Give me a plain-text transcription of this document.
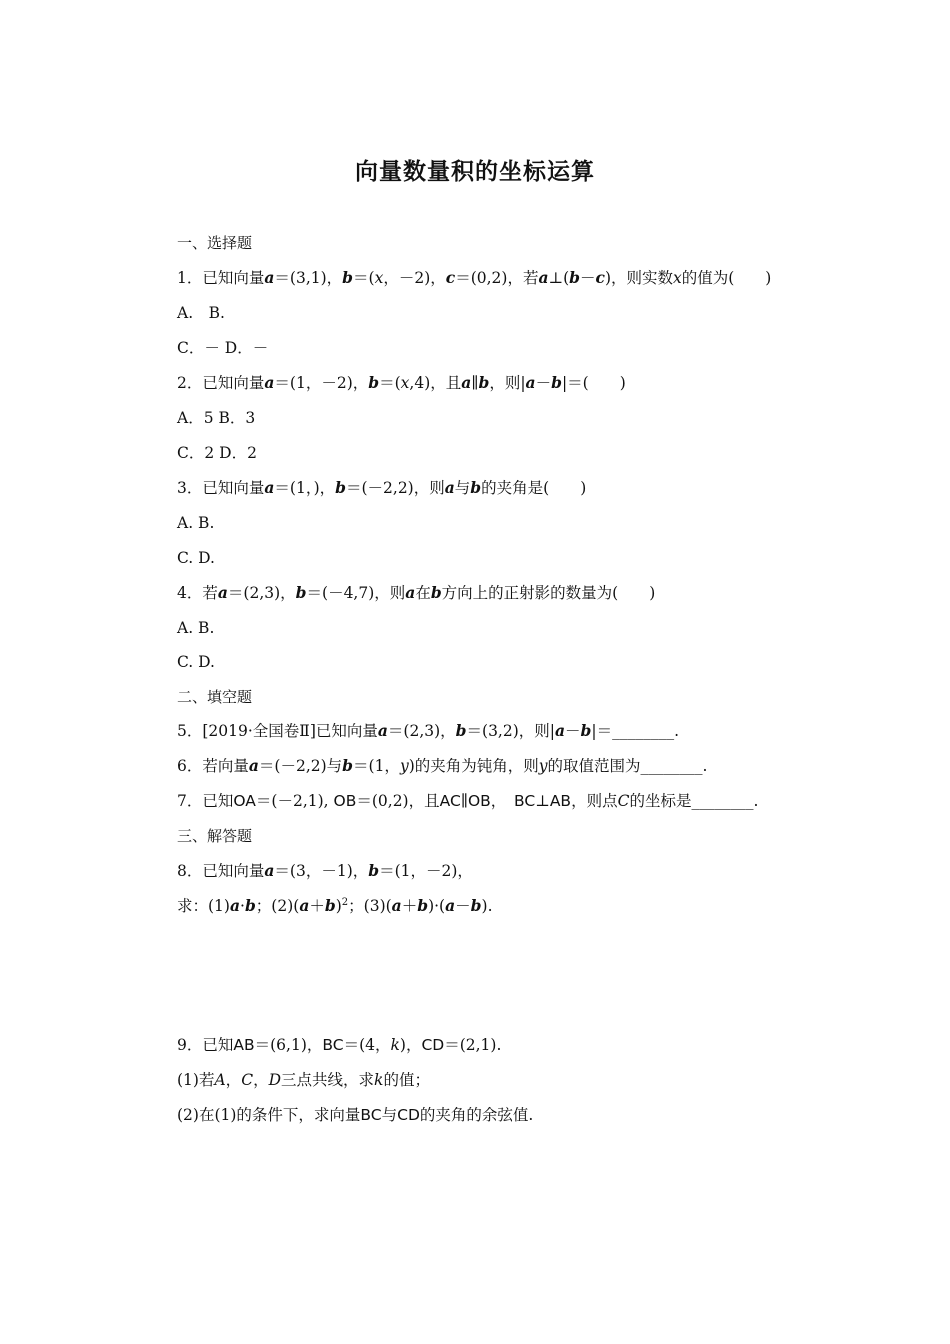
向量数量积的坐标运算
一、选择题
1．已知向量a＝(3,1)，b＝(x，－2)，c＝(0,2)，若a⊥(b－c)，则实数x的值为(　　)
A.　B.
C．－ D．－
2．已知向量a＝(1，－2)，b＝(x,4)，且a∥b，则|a－b|＝(　　)
A．5 B．3
C．2 D．2
3．已知向量a＝(1，)，b＝(－2,2)，则a与b的夹角是(　　)
A. B.
C. D.
4．若a＝(2,3)，b＝(－4,7)，则a在b方向上的正射影的数量为(　　)
A. B.
C. D.
二、填空题
5．[2019·全国卷Ⅱ]已知向量a＝(2,3)，b＝(3,2)，则|a－b|＝________.
6．若向量a＝(－2,2)与b＝(1，y)的夹角为钝角，则y的取值范围为________.
7．已知OA＝(－2,1), OB＝(0,2)，且AC∥OB，　BC⊥AB，则点C的坐标是________.
三、解答题
8．已知向量a＝(3，－1)，b＝(1，－2)，
求：(1)a·b；$(2)(a+b)^2$；(3)(a＋b)·(a－b).
9．已知AB＝(6,1)，BC＝(4，k)，CD＝(2,1).
(1)若A，C，D三点共线，求k的值；
(2)在(1)的条件下，求向量BC与CD的夹角的余弦值.
